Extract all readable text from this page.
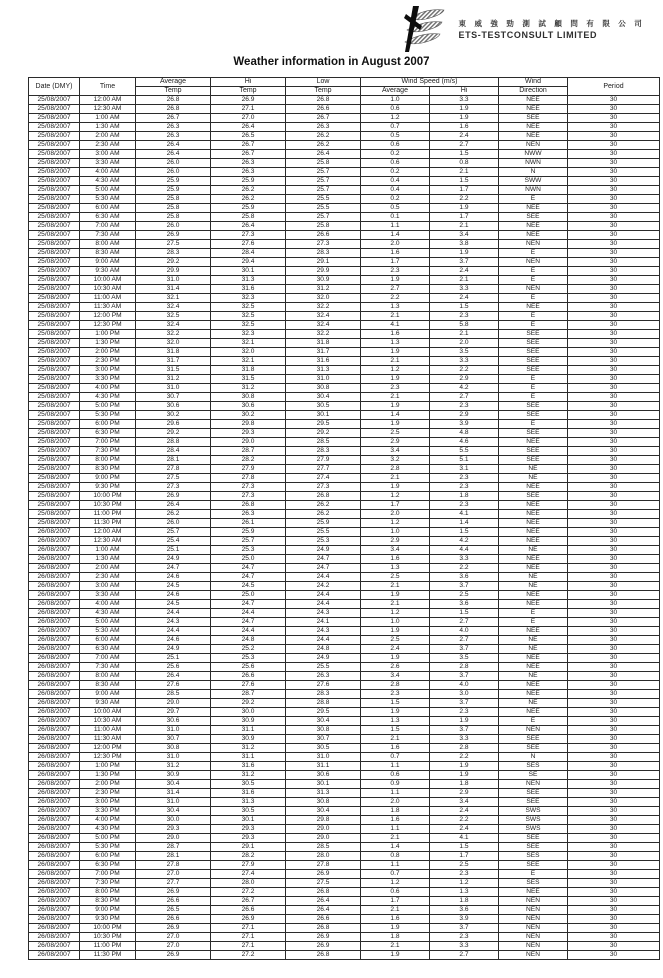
東 威 強 勁 測 試 顧 問 有 限 公 司
ETS-TESTCONSULT LIMITED
Weather information in August 2007
Date (DMY)	Time	Average	Hi	Low	Wind Speed (m/s)		Wind	Period
		Temp	Temp	Temp	Average	Hi	Direction	
25/08/2007	12:00 AM	26.8	26.9	26.8	1.0	3.3	NEE	30
25/08/2007	12:30 AM	26.8	27.1	26.6	0.6	1.9	NEE	30
25/08/2007	1:00 AM	26.7	27.0	26.7	1.2	1.9	SEE	30
25/08/2007	1:30 AM	26.3	26.4	26.3	0.7	1.6	NEE	30
25/08/2007	2:00 AM	26.3	26.5	26.2	0.5	2.4	NEE	30
25/08/2007	2:30 AM	26.4	26.7	26.2	0.6	2.7	NEN	30
25/08/2007	3:00 AM	26.4	26.7	26.4	0.2	1.5	NWW	30
25/08/2007	3:30 AM	26.0	26.3	25.8	0.6	0.8	NWN	30
25/08/2007	4:00 AM	26.0	26.3	25.7	0.2	2.1	N	30
25/08/2007	4:30 AM	25.9	25.9	25.7	0.4	1.5	SWW	30
25/08/2007	5:00 AM	25.9	26.2	25.7	0.4	1.7	NWN	30
25/08/2007	5:30 AM	25.8	26.2	25.5	0.2	2.2	E	30
25/08/2007	6:00 AM	25.8	25.9	25.5	0.5	1.9	NEE	30
25/08/2007	6:30 AM	25.8	25.8	25.7	0.1	1.7	SEE	30
25/08/2007	7:00 AM	26.0	26.4	25.8	1.1	2.1	NEE	30
25/08/2007	7:30 AM	26.9	27.3	26.6	1.4	3.4	NEE	30
25/08/2007	8:00 AM	27.5	27.6	27.3	2.0	3.8	NEN	30
25/08/2007	8:30 AM	28.3	28.4	28.3	1.6	1.9	E	30
25/08/2007	9:00 AM	29.2	29.4	29.1	1.7	3.7	NEN	30
25/08/2007	9:30 AM	29.9	30.1	29.9	2.3	2.4	E	30
25/08/2007	10:00 AM	31.0	31.3	30.9	1.9	2.1	E	30
25/08/2007	10:30 AM	31.4	31.6	31.2	2.7	3.3	NEN	30
25/08/2007	11:00 AM	32.1	32.3	32.0	2.2	2.4	E	30
25/08/2007	11:30 AM	32.4	32.5	32.2	1.3	1.5	NEE	30
25/08/2007	12:00 PM	32.5	32.5	32.4	2.1	2.3	E	30
25/08/2007	12:30 PM	32.4	32.5	32.4	4.1	5.8	E	30
25/08/2007	1:00 PM	32.2	32.3	32.2	1.6	2.1	SEE	30
25/08/2007	1:30 PM	32.0	32.1	31.8	1.3	2.0	SEE	30
25/08/2007	2:00 PM	31.8	32.0	31.7	1.9	3.5	SEE	30
25/08/2007	2:30 PM	31.7	32.1	31.6	2.1	3.3	SEE	30
25/08/2007	3:00 PM	31.5	31.8	31.3	1.2	2.2	SEE	30
25/08/2007	3:30 PM	31.2	31.5	31.0	1.9	2.9	E	30
25/08/2007	4:00 PM	31.0	31.2	30.8	2.3	4.2	E	30
25/08/2007	4:30 PM	30.7	30.8	30.4	2.1	2.7	E	30
25/08/2007	5:00 PM	30.6	30.6	30.5	1.9	2.3	SEE	30
25/08/2007	5:30 PM	30.2	30.2	30.1	1.4	2.9	SEE	30
25/08/2007	6:00 PM	29.6	29.8	29.5	1.9	3.9	E	30
25/08/2007	6:30 PM	29.2	29.3	29.2	2.5	4.8	SEE	30
25/08/2007	7:00 PM	28.8	29.0	28.5	2.9	4.6	NEE	30
25/08/2007	7:30 PM	28.4	28.7	28.3	3.4	5.5	SEE	30
25/08/2007	8:00 PM	28.1	28.2	27.9	3.2	5.1	SEE	30
25/08/2007	8:30 PM	27.8	27.9	27.7	2.8	3.1	NE	30
25/08/2007	9:00 PM	27.5	27.8	27.4	2.1	2.3	NE	30
25/08/2007	9:30 PM	27.3	27.3	27.3	1.9	2.3	NEE	30
25/08/2007	10:00 PM	26.9	27.3	26.8	1.2	1.8	SEE	30
25/08/2007	10:30 PM	26.4	26.8	26.2	1.7	2.3	NEE	30
25/08/2007	11:00 PM	26.2	26.3	26.2	2.0	4.1	NEE	30
25/08/2007	11:30 PM	26.0	26.1	25.9	1.2	1.4	NEE	30
26/08/2007	12:00 AM	25.7	25.9	25.5	1.0	1.5	NEE	30
26/08/2007	12:30 AM	25.4	25.7	25.3	2.9	4.2	NEE	30
26/08/2007	1:00 AM	25.1	25.3	24.9	3.4	4.4	NE	30
26/08/2007	1:30 AM	24.9	25.0	24.7	1.6	3.3	NEE	30
26/08/2007	2:00 AM	24.7	24.7	24.7	1.3	2.2	NEE	30
26/08/2007	2:30 AM	24.6	24.7	24.4	2.5	3.6	NE	30
26/08/2007	3:00 AM	24.5	24.5	24.2	2.1	3.7	NE	30
26/08/2007	3:30 AM	24.6	25.0	24.4	1.9	2.5	NEE	30
26/08/2007	4:00 AM	24.5	24.7	24.4	2.1	3.6	NEE	30
26/08/2007	4:30 AM	24.4	24.4	24.3	1.2	1.5	E	30
26/08/2007	5:00 AM	24.3	24.7	24.1	1.0	2.7	E	30
26/08/2007	5:30 AM	24.4	24.4	24.3	1.9	4.0	NEE	30
26/08/2007	6:00 AM	24.6	24.8	24.4	2.5	2.7	NE	30
26/08/2007	6:30 AM	24.9	25.2	24.8	2.4	3.7	NE	30
26/08/2007	7:00 AM	25.1	25.3	24.9	1.9	3.5	NEE	30
26/08/2007	7:30 AM	25.6	25.6	25.5	2.6	2.8	NEE	30
26/08/2007	8:00 AM	26.4	26.6	26.3	3.4	3.7	NE	30
26/08/2007	8:30 AM	27.6	27.6	27.6	2.8	4.0	NEE	30
26/08/2007	9:00 AM	28.5	28.7	28.3	2.3	3.0	NEE	30
26/08/2007	9:30 AM	29.0	29.2	28.8	1.5	3.7	NE	30
26/08/2007	10:00 AM	29.7	30.0	29.5	1.9	2.3	NEE	30
26/08/2007	10:30 AM	30.6	30.9	30.4	1.3	1.9	E	30
26/08/2007	11:00 AM	31.0	31.1	30.8	1.5	3.7	NEN	30
26/08/2007	11:30 AM	30.7	30.9	30.7	2.1	3.3	SEE	30
26/08/2007	12:00 PM	30.8	31.2	30.5	1.6	2.8	SEE	30
26/08/2007	12:30 PM	31.0	31.1	31.0	0.7	2.2	N	30
26/08/2007	1:00 PM	31.2	31.6	31.1	1.1	1.9	SES	30
26/08/2007	1:30 PM	30.9	31.2	30.6	0.6	1.9	SE	30
26/08/2007	2:00 PM	30.4	30.5	30.1	0.9	1.8	NEN	30
26/08/2007	2:30 PM	31.4	31.6	31.3	1.1	2.9	SEE	30
26/08/2007	3:00 PM	31.0	31.3	30.8	2.0	3.4	SEE	30
26/08/2007	3:30 PM	30.4	30.5	30.4	1.8	2.4	SWS	30
26/08/2007	4:00 PM	30.0	30.1	29.8	1.6	2.2	SWS	30
26/08/2007	4:30 PM	29.3	29.3	29.0	1.1	2.4	SWS	30
26/08/2007	5:00 PM	29.0	29.3	29.0	2.1	4.1	SEE	30
26/08/2007	5:30 PM	28.7	29.1	28.5	1.4	1.5	SEE	30
26/08/2007	6:00 PM	28.1	28.2	28.0	0.8	1.7	SES	30
26/08/2007	6:30 PM	27.8	27.9	27.8	1.1	2.5	SEE	30
26/08/2007	7:00 PM	27.0	27.4	26.9	0.7	2.3	E	30
26/08/2007	7:30 PM	27.7	28.0	27.5	1.2	1.2	SES	30
26/08/2007	8:00 PM	26.9	27.2	26.8	0.6	1.3	NEE	30
26/08/2007	8:30 PM	26.6	26.7	26.4	1.7	1.8	NEN	30
26/08/2007	9:00 PM	26.5	26.6	26.4	2.1	3.6	NEN	30
26/08/2007	9:30 PM	26.6	26.9	26.6	1.6	3.9	NEN	30
26/08/2007	10:00 PM	26.9	27.1	26.8	1.9	3.7	NEN	30
26/08/2007	10:30 PM	27.0	27.1	26.9	1.8	2.3	NEN	30
26/08/2007	11:00 PM	27.0	27.1	26.9	2.1	3.3	NEN	30
26/08/2007	11:30 PM	26.9	27.2	26.8	1.9	2.7	NEN	30
